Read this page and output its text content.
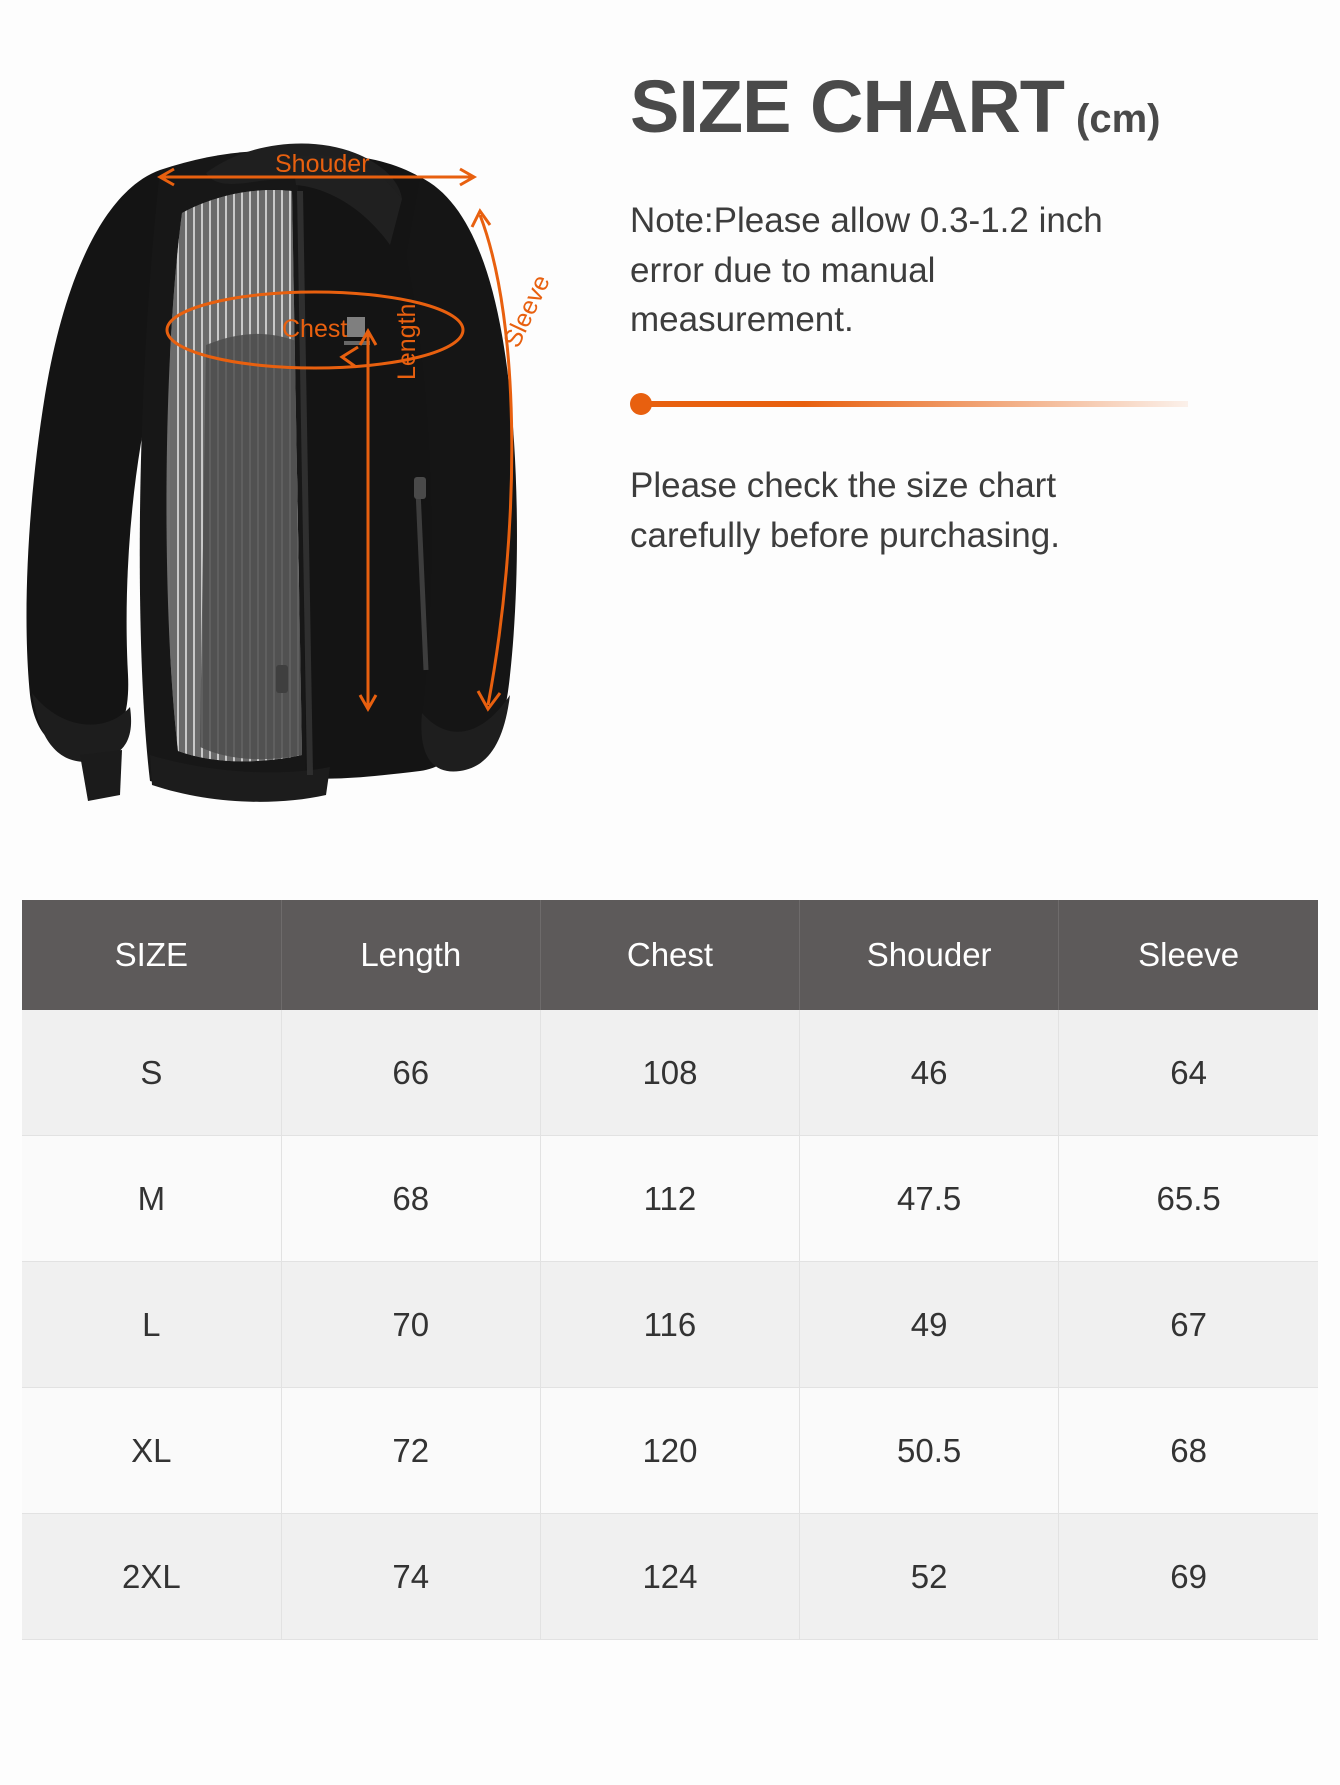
Shouder
Chest Length	Sleeve
SIZE CHART (cm)
Note:Please allow 0.3-1.2 inch error due to manual measurement.
Please check the size chart carefully before purchasing.
SIZE	Length	Chest	Shouder	Sleeve
S	66	108	46	64
M	68	112	47.5	65.5
L	70	116	49	67
XL	72	120	50.5	68
2XL	74	124	52	69
